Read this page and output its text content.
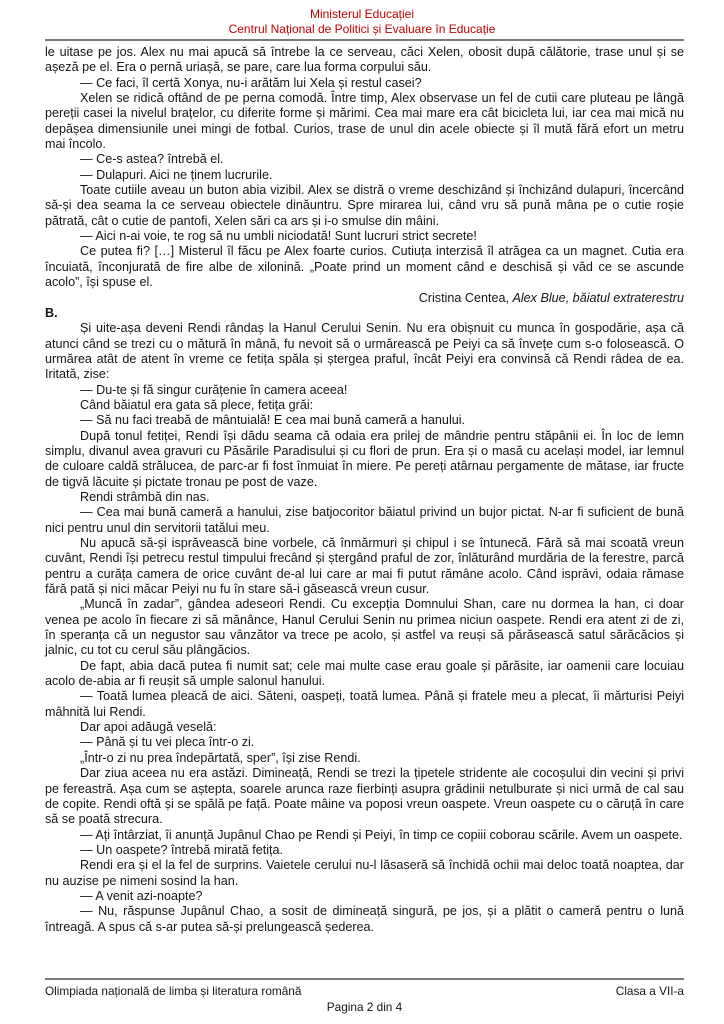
Ministerul Educației
Centrul Național de Politici și Evaluare în Educație

le uitase pe jos. Alex nu mai apucă să întrebe la ce serveau, căci Xelen, obosit după călătorie, trase unul și se așeză pe el. Era o pernă uriașă, se pare, care lua forma corpului său.

— Ce faci, îl certă Xonya, nu-i arătăm lui Xela și restul casei?

Xelen se ridică oftând de pe perna comodă. Între timp, Alex observase un fel de cutii care pluteau pe lângă pereții casei la nivelul brațelor, cu diferite forme și mărimi. Cea mai mare era cât bicicleta lui, iar cea mai mică nu depășea dimensiunile unei mingi de fotbal. Curios, trase de unul din acele obiecte și îl mută fără efort un metru mai încolo.

— Ce-s astea? întrebă el.

— Dulapuri. Aici ne ținem lucrurile.

Toate cutiile aveau un buton abia vizibil. Alex se distră o vreme deschizând și închizând dulapuri, încercând să-și dea seama la ce serveau obiectele dinăuntru. Spre mirarea lui, când vru să pună mâna pe o cutie roșie pătrată, cât o cutie de pantofi, Xelen sări ca ars și i-o smulse din mâini.

— Aici n-ai voie, te rog să nu umbli niciodată! Sunt lucruri strict secrete!

Ce putea fi? […] Misterul îl făcu pe Alex foarte curios. Cutiuța interzisă îl atrăgea ca un magnet. Cutia era încuiată, înconjurată de fire albe de xilonină. „Poate prind un moment când e deschisă și văd ce se ascunde acolo”, își spuse el.

Cristina Centea, Alex Blue, băiatul extraterestru

B.

Și uite-așa deveni Rendi rândaș la Hanul Cerului Senin. Nu era obișnuit cu munca în gospodărie, așa că atunci când se trezi cu o mătură în mână, fu nevoit să o urmărească pe Peiyi ca să învețe cum s-o folosească. O urmărea atât de atent în vreme ce fetița spăla și ștergea praful, încât Peiyi era convinsă că Rendi râdea de ea. Iritată, zise:

— Du-te și fă singur curățenie în camera aceea!

Când băiatul era gata să plece, fetița grăi:

— Să nu faci treabă de mântuială! E cea mai bună cameră a hanului.

După tonul fetiței, Rendi își dădu seama că odaia era prilej de mândrie pentru stăpânii ei. În loc de lemn simplu, divanul avea gravuri cu Păsările Paradisului și cu flori de prun. Era și o masă cu același model, iar lemnul de culoare caldă strălucea, de parc-ar fi fost înmuiat în miere. Pe pereți atârnau pergamente de mătase, iar fructe de tigvă lăcuite și pictate tronau pe post de vaze.

Rendi strâmbă din nas.

— Cea mai bună cameră a hanului, zise batjocoritor băiatul privind un bujor pictat. N-ar fi suficient de bună nici pentru unul din servitorii tatălui meu.

Nu apucă să-și isprăvească bine vorbele, că înmărmuri și chipul i se întunecă. Fără să mai scoată vreun cuvânt, Rendi își petrecu restul timpului frecând și ștergând praful de zor, înlăturând murdăria de la ferestre, parcă pentru a curăța camera de orice cuvânt de-al lui care ar mai fi putut rămâne acolo. Când isprăvi, odaia rămase fără pată și nici măcar Peiyi nu fu în stare să-i găsească vreun cusur.

„Muncă în zadar”, gândea adeseori Rendi. Cu excepția Domnului Shan, care nu dormea la han, ci doar venea pe acolo în fiecare zi să mănânce, Hanul Cerului Senin nu primea niciun oaspete. Rendi era atent zi de zi, în speranța că un negustor sau vânzător va trece pe acolo, și astfel va reuși să părăsească satul sărăcăcios și jalnic, cu tot cu cerul său plângăcios.

De fapt, abia dacă putea fi numit sat; cele mai multe case erau goale și părăsite, iar oamenii care locuiau acolo de-abia ar fi reușit să umple salonul hanului.

— Toată lumea pleacă de aici. Săteni, oaspeți, toată lumea. Până și fratele meu a plecat, îi mărturisi Peiyi mâhnită lui Rendi.

Dar apoi adăugă veselă:

— Până și tu vei pleca într-o zi.

„Într-o zi nu prea îndepărtată, sper”, își zise Rendi.

Dar ziua aceea nu era astăzi. Dimineață, Rendi se trezi la țipetele stridente ale cocoșului din vecini și privi pe fereastră. Așa cum se aștepta, soarele arunca raze fierbinți asupra grădinii netulburate și nici urmă de cal sau de copite. Rendi oftă și se spălă pe față. Poate mâine va poposi vreun oaspete. Vreun oaspete cu o căruță în care să se poată strecura.

— Ați întârziat, îi anunță Jupânul Chao pe Rendi și Peiyi, în timp ce copiii coborau scările. Avem un oaspete.

— Un oaspete? întrebă mirată fetița.

Rendi era și el la fel de surprins. Vaietele cerului nu-l lăsaseră să închidă ochii mai deloc toată noaptea, dar nu auzise pe nimeni sosind la han.

— A venit azi-noapte?

— Nu, răspunse Jupânul Chao, a sosit de dimineață singură, pe jos, și a plătit o cameră pentru o lună întreagă. A spus că s-ar putea să-și prelungească șederea.

Olimpiada națională de limba și literatura română	Clasa a VII-a
Pagina 2 din 4
